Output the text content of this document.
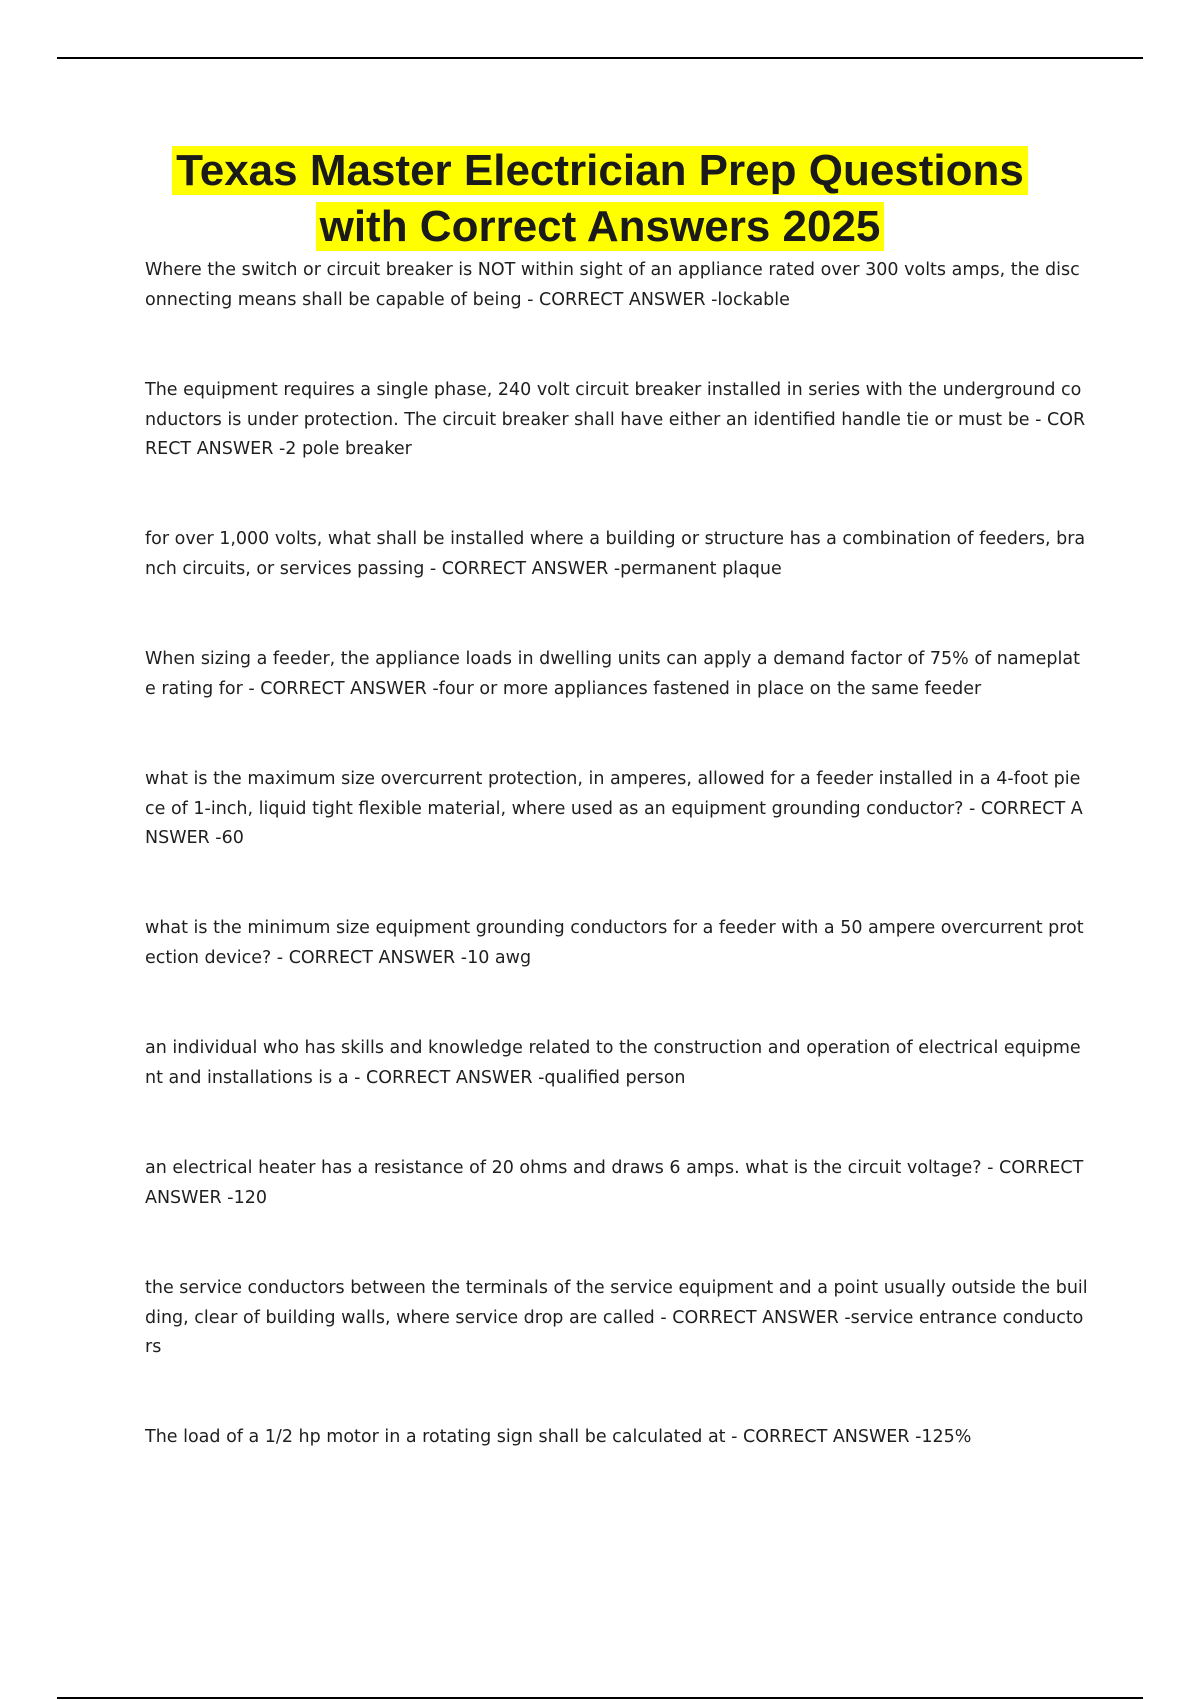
Texas Master Electrician Prep Questions
with Correct Answers 2025

Where the switch or circuit breaker is NOT within sight of an appliance rated over 300 volts amps, the disconnecting means shall be capable of being - CORRECT ANSWER -lockable

The equipment requires a single phase, 240 volt circuit breaker installed in series with the underground conductors is under protection. The circuit breaker shall have either an identified handle tie or must be - CORRECT ANSWER -2 pole breaker

for over 1,000 volts, what shall be installed where a building or structure has a combination of feeders, branch circuits, or services passing - CORRECT ANSWER -permanent plaque

When sizing a feeder, the appliance loads in dwelling units can apply a demand factor of 75% of nameplate rating for - CORRECT ANSWER -four or more appliances fastened in place on the same feeder

what is the maximum size overcurrent protection, in amperes, allowed for a feeder installed in a 4-foot piece of 1-inch, liquid tight flexible material, where used as an equipment grounding conductor? - CORRECT ANSWER -60

what is the minimum size equipment grounding conductors for a feeder with a 50 ampere overcurrent protection device? - CORRECT ANSWER -10 awg

an individual who has skills and knowledge related to the construction and operation of electrical equipment and installations is a - CORRECT ANSWER -qualified person

an electrical heater has a resistance of 20 ohms and draws 6 amps. what is the circuit voltage? - CORRECT ANSWER -120

the service conductors between the terminals of the service equipment and a point usually outside the building, clear of building walls, where service drop are called - CORRECT ANSWER -service entrance conductors

The load of a 1/2 hp motor in a rotating sign shall be calculated at - CORRECT ANSWER -125%
